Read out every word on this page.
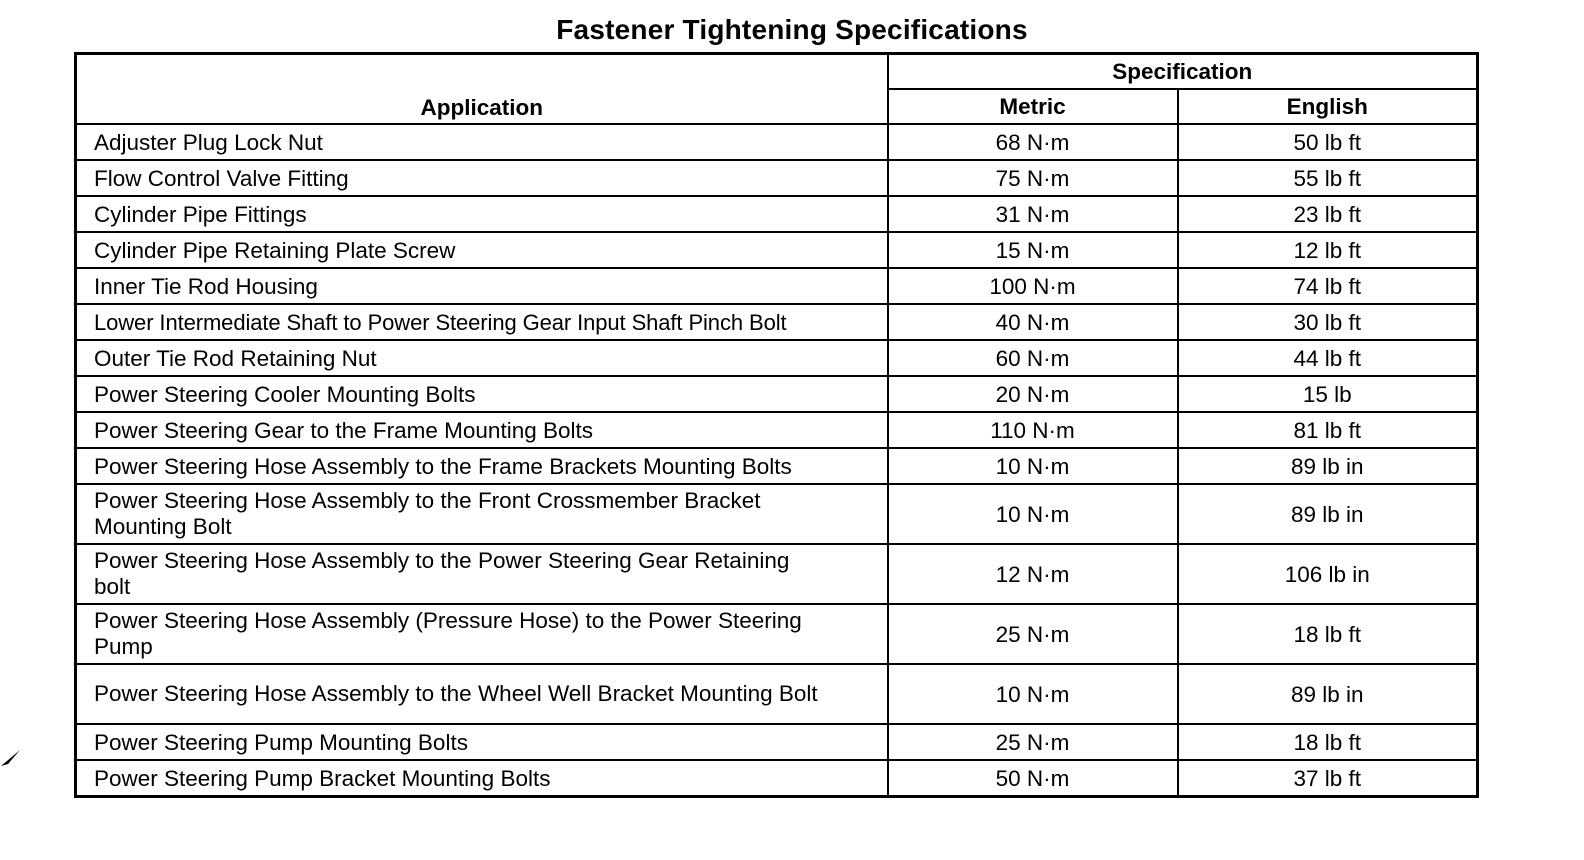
Fastener Tightening Specifications
Application	Specification	
	Metric	English
Adjuster Plug Lock Nut	68 N·m	50 lb ft
Flow Control Valve Fitting	75 N·m	55 lb ft
Cylinder Pipe Fittings	31 N·m	23 lb ft
Cylinder Pipe Retaining Plate Screw	15 N·m	12 lb ft
Inner Tie Rod Housing	100 N·m	74 lb ft
Lower Intermediate Shaft to Power Steering Gear Input Shaft Pinch Bolt	40 N·m	30 lb ft
Outer Tie Rod Retaining Nut	60 N·m	44 lb ft
Power Steering Cooler Mounting Bolts	20 N·m	15 lb
Power Steering Gear to the Frame Mounting Bolts	110 N·m	81 lb ft
Power Steering Hose Assembly to the Frame Brackets Mounting Bolts	10 N·m	89 lb in
Power Steering Hose Assembly to the Front Crossmember Bracket Mounting Bolt	10 N·m	89 lb in
Power Steering Hose Assembly to the Power Steering Gear Retaining bolt	12 N·m	106 lb in
Power Steering Hose Assembly (Pressure Hose) to the Power Steering Pump	25 N·m	18 lb ft
Power Steering Hose Assembly to the Wheel Well Bracket Mounting Bolt	10 N·m	89 lb in
Power Steering Pump Mounting Bolts	25 N·m	18 lb ft
Power Steering Pump Bracket Mounting Bolts	50 N·m	37 lb ft
